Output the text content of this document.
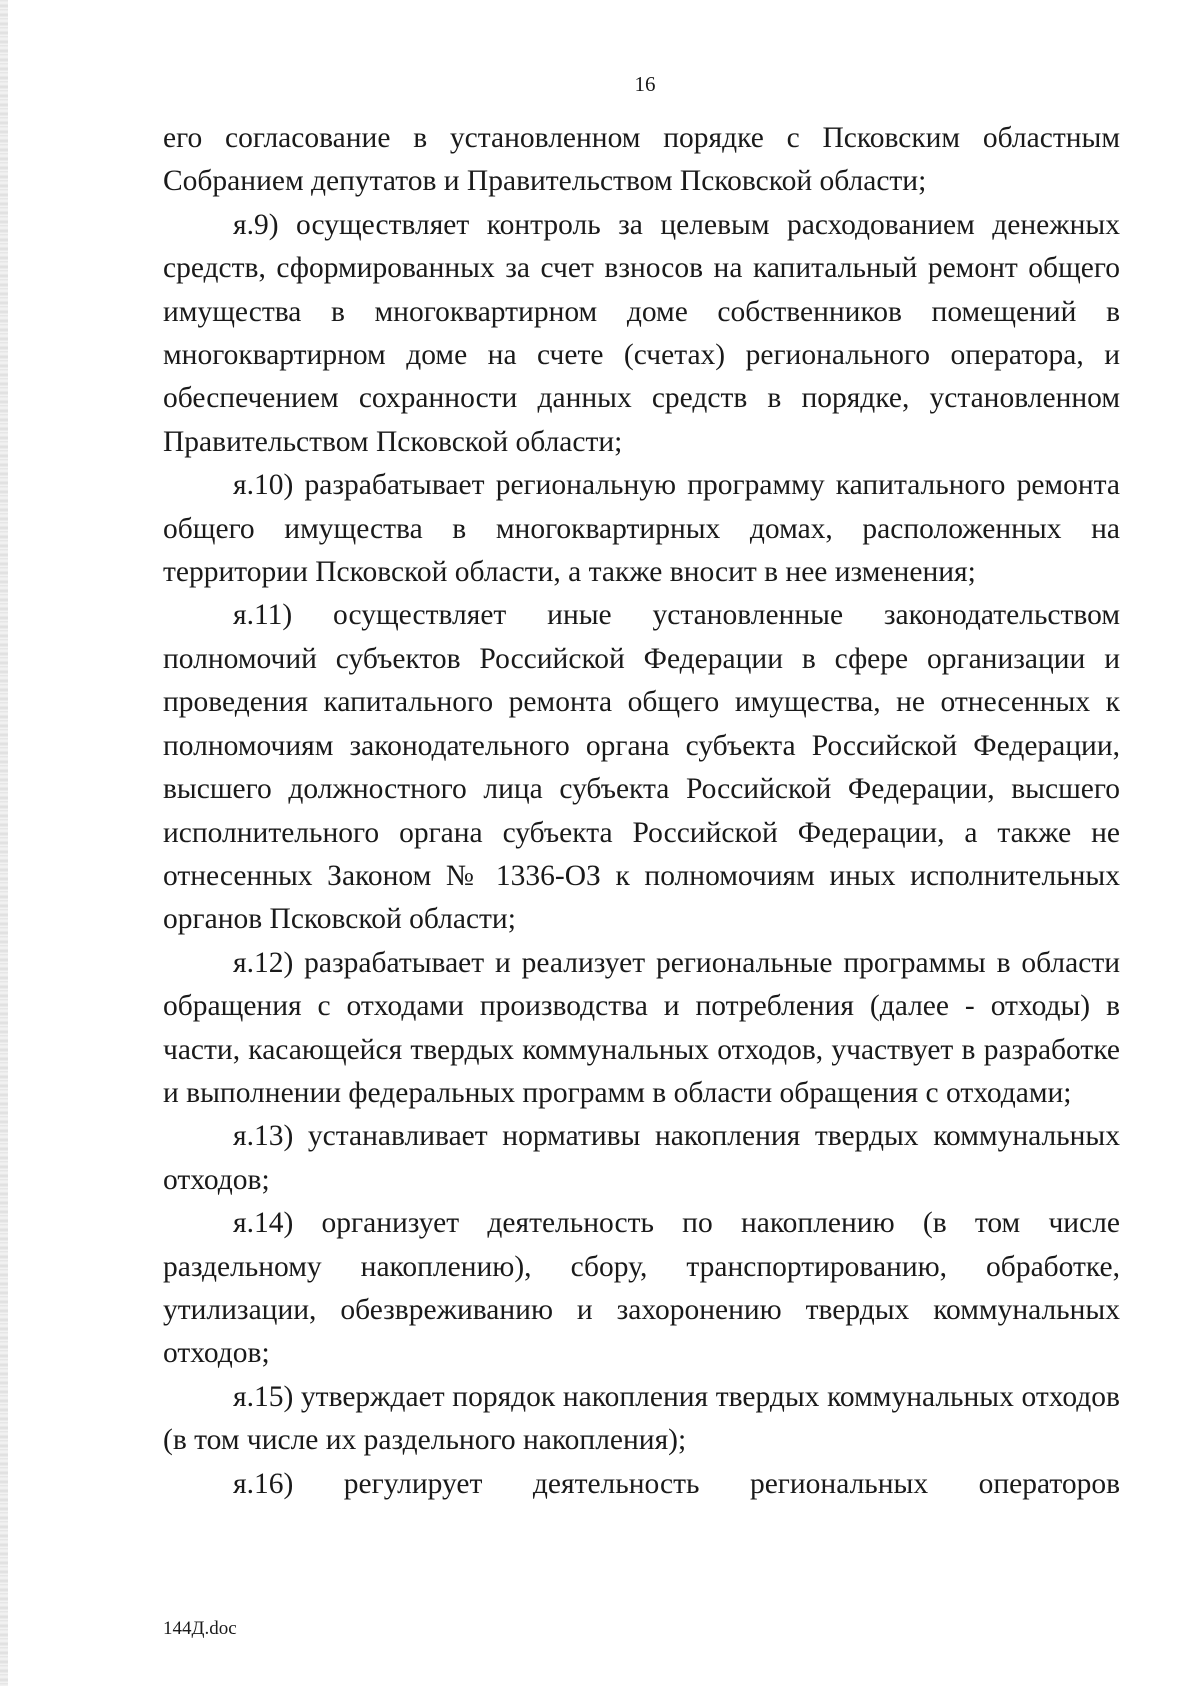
16

его согласование в установленном порядке с Псковским областным Собранием депутатов и Правительством Псковской области;

я.9) осуществляет контроль за целевым расходованием денежных средств, сформированных за счет взносов на капитальный ремонт общего имущества в многоквартирном доме собственников помещений в многоквартирном доме на счете (счетах) регионального оператора, и обеспечением сохранности данных средств в порядке, установленном Правительством Псковской области;

я.10) разрабатывает региональную программу капитального ремонта общего имущества в многоквартирных домах, расположенных на территории Псковской области, а также вносит в нее изменения;

я.11) осуществляет иные установленные законодательством полномочий субъектов Российской Федерации в сфере организации и проведения капитального ремонта общего имущества, не отнесенных к полномочиям законодательного органа субъекта Российской Федерации, высшего должностного лица субъекта Российской Федерации, высшего исполнительного органа субъекта Российской Федерации, а также не отнесенных Законом № 1336-ОЗ к полномочиям иных исполнительных органов Псковской области;

я.12) разрабатывает и реализует региональные программы в области обращения с отходами производства и потребления (далее - отходы) в части, касающейся твердых коммунальных отходов, участвует в разработке и выполнении федеральных программ в области обращения с отходами;

я.13) устанавливает нормативы накопления твердых коммунальных отходов;

я.14) организует деятельность по накоплению (в том числе раздельному накоплению), сбору, транспортированию, обработке, утилизации, обезвреживанию и захоронению твердых коммунальных отходов;

я.15) утверждает порядок накопления твердых коммунальных отходов (в том числе их раздельного накопления);

я.16) регулирует деятельность региональных операторов

144Д.doc
